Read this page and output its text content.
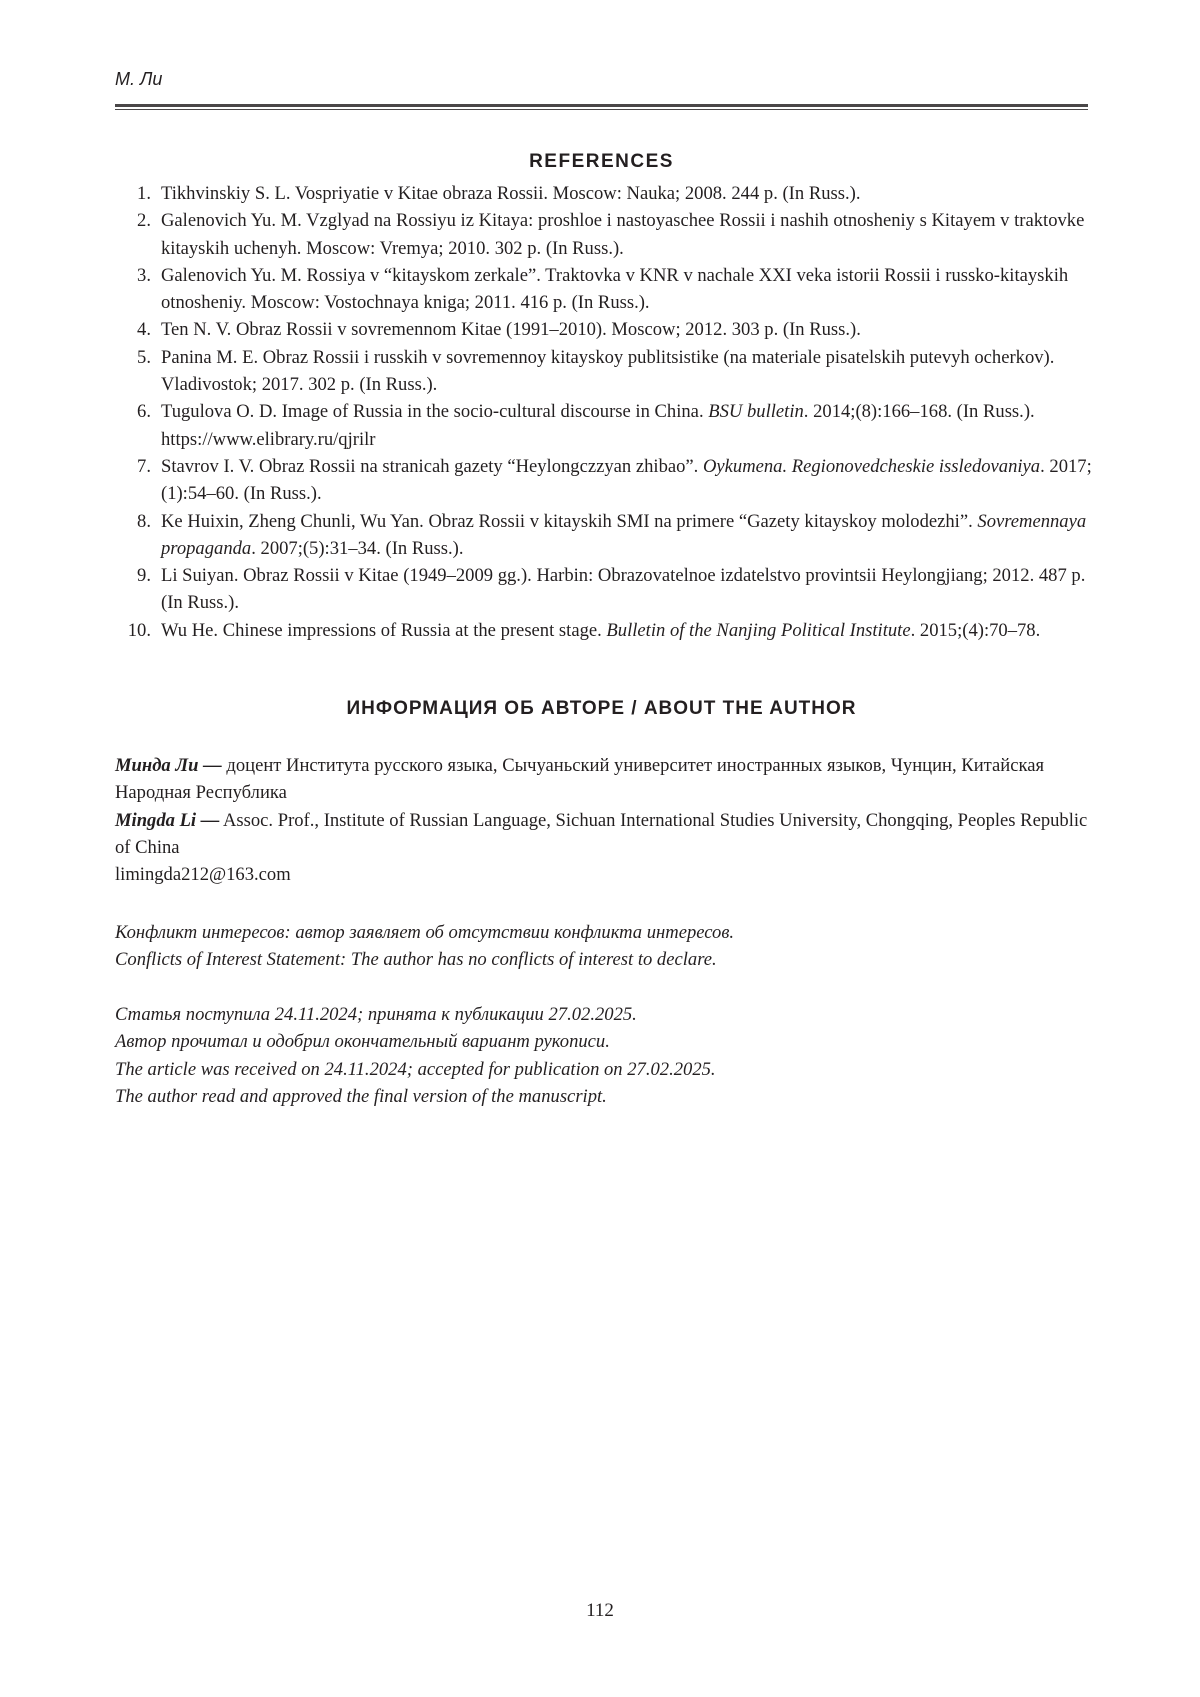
М. Ли
REFERENCES
1. Tikhvinskiy S. L. Vospriyatie v Kitae obraza Rossii. Moscow: Nauka; 2008. 244 p. (In Russ.).
2. Galenovich Yu. M. Vzglyad na Rossiyu iz Kitaya: proshloe i nastoyaschee Rossii i nashih otnosheniy s Kitayem v traktovke kitayskih uchenyh. Moscow: Vremya; 2010. 302 p. (In Russ.).
3. Galenovich Yu. M. Rossiya v “kitayskom zerkale”. Traktovka v KNR v nachale XXI veka istorii Rossii i russko-kitayskih otnosheniy. Moscow: Vostochnaya kniga; 2011. 416 p. (In Russ.).
4. Ten N. V. Obraz Rossii v sovremennom Kitae (1991–2010). Moscow; 2012. 303 p. (In Russ.).
5. Panina M. E. Obraz Rossii i russkih v sovremennoy kitayskoy publitsistike (na materiale pisatelskih putevyh ocherkov). Vladivostok; 2017. 302 p. (In Russ.).
6. Tugulova O. D. Image of Russia in the socio-cultural discourse in China. BSU bulletin. 2014;(8):166–168. (In Russ.). https://www.elibrary.ru/qjrilr
7. Stavrov I. V. Obraz Rossii na stranicah gazety “Heylongczzyan zhibao”. Oykumena. Regionovedcheskie issledovaniya. 2017;(1):54–60. (In Russ.).
8. Ke Huixin, Zheng Chunli, Wu Yan. Obraz Rossii v kitayskih SMI na primere “Gazety kitayskoy molodezhi”. Sovremennaya propaganda. 2007;(5):31–34. (In Russ.).
9. Li Suiyan. Obraz Rossii v Kitae (1949–2009 gg.). Harbin: Obrazovatelnoe izdatelstvo provintsii Heylongjiang; 2012. 487 p. (In Russ.).
10. Wu He. Chinese impressions of Russia at the present stage. Bulletin of the Nanjing Political Institute. 2015;(4):70–78.
ИНФОРМАЦИЯ ОБ АВТОРЕ / ABOUT THE AUTHOR

Минда Ли — доцент Института русского языка, Сычуаньский университет иностранных языков, Чунцин, Китайская Народная Республика

Mingda Li — Assoc. Prof., Institute of Russian Language, Sichuan International Studies University, Chongqing, Peoples Republic of China

limingda212@163.com

Конфликт интересов: автор заявляет об отсутствии конфликта интересов.

Conflicts of Interest Statement: The author has no conflicts of interest to declare.

Статья поступила 24.11.2024; принята к публикации 27.02.2025.

Автор прочитал и одобрил окончательный вариант рукописи.

The article was received on 24.11.2024; accepted for publication on 27.02.2025.

The author read and approved the final version of the manuscript.

112
